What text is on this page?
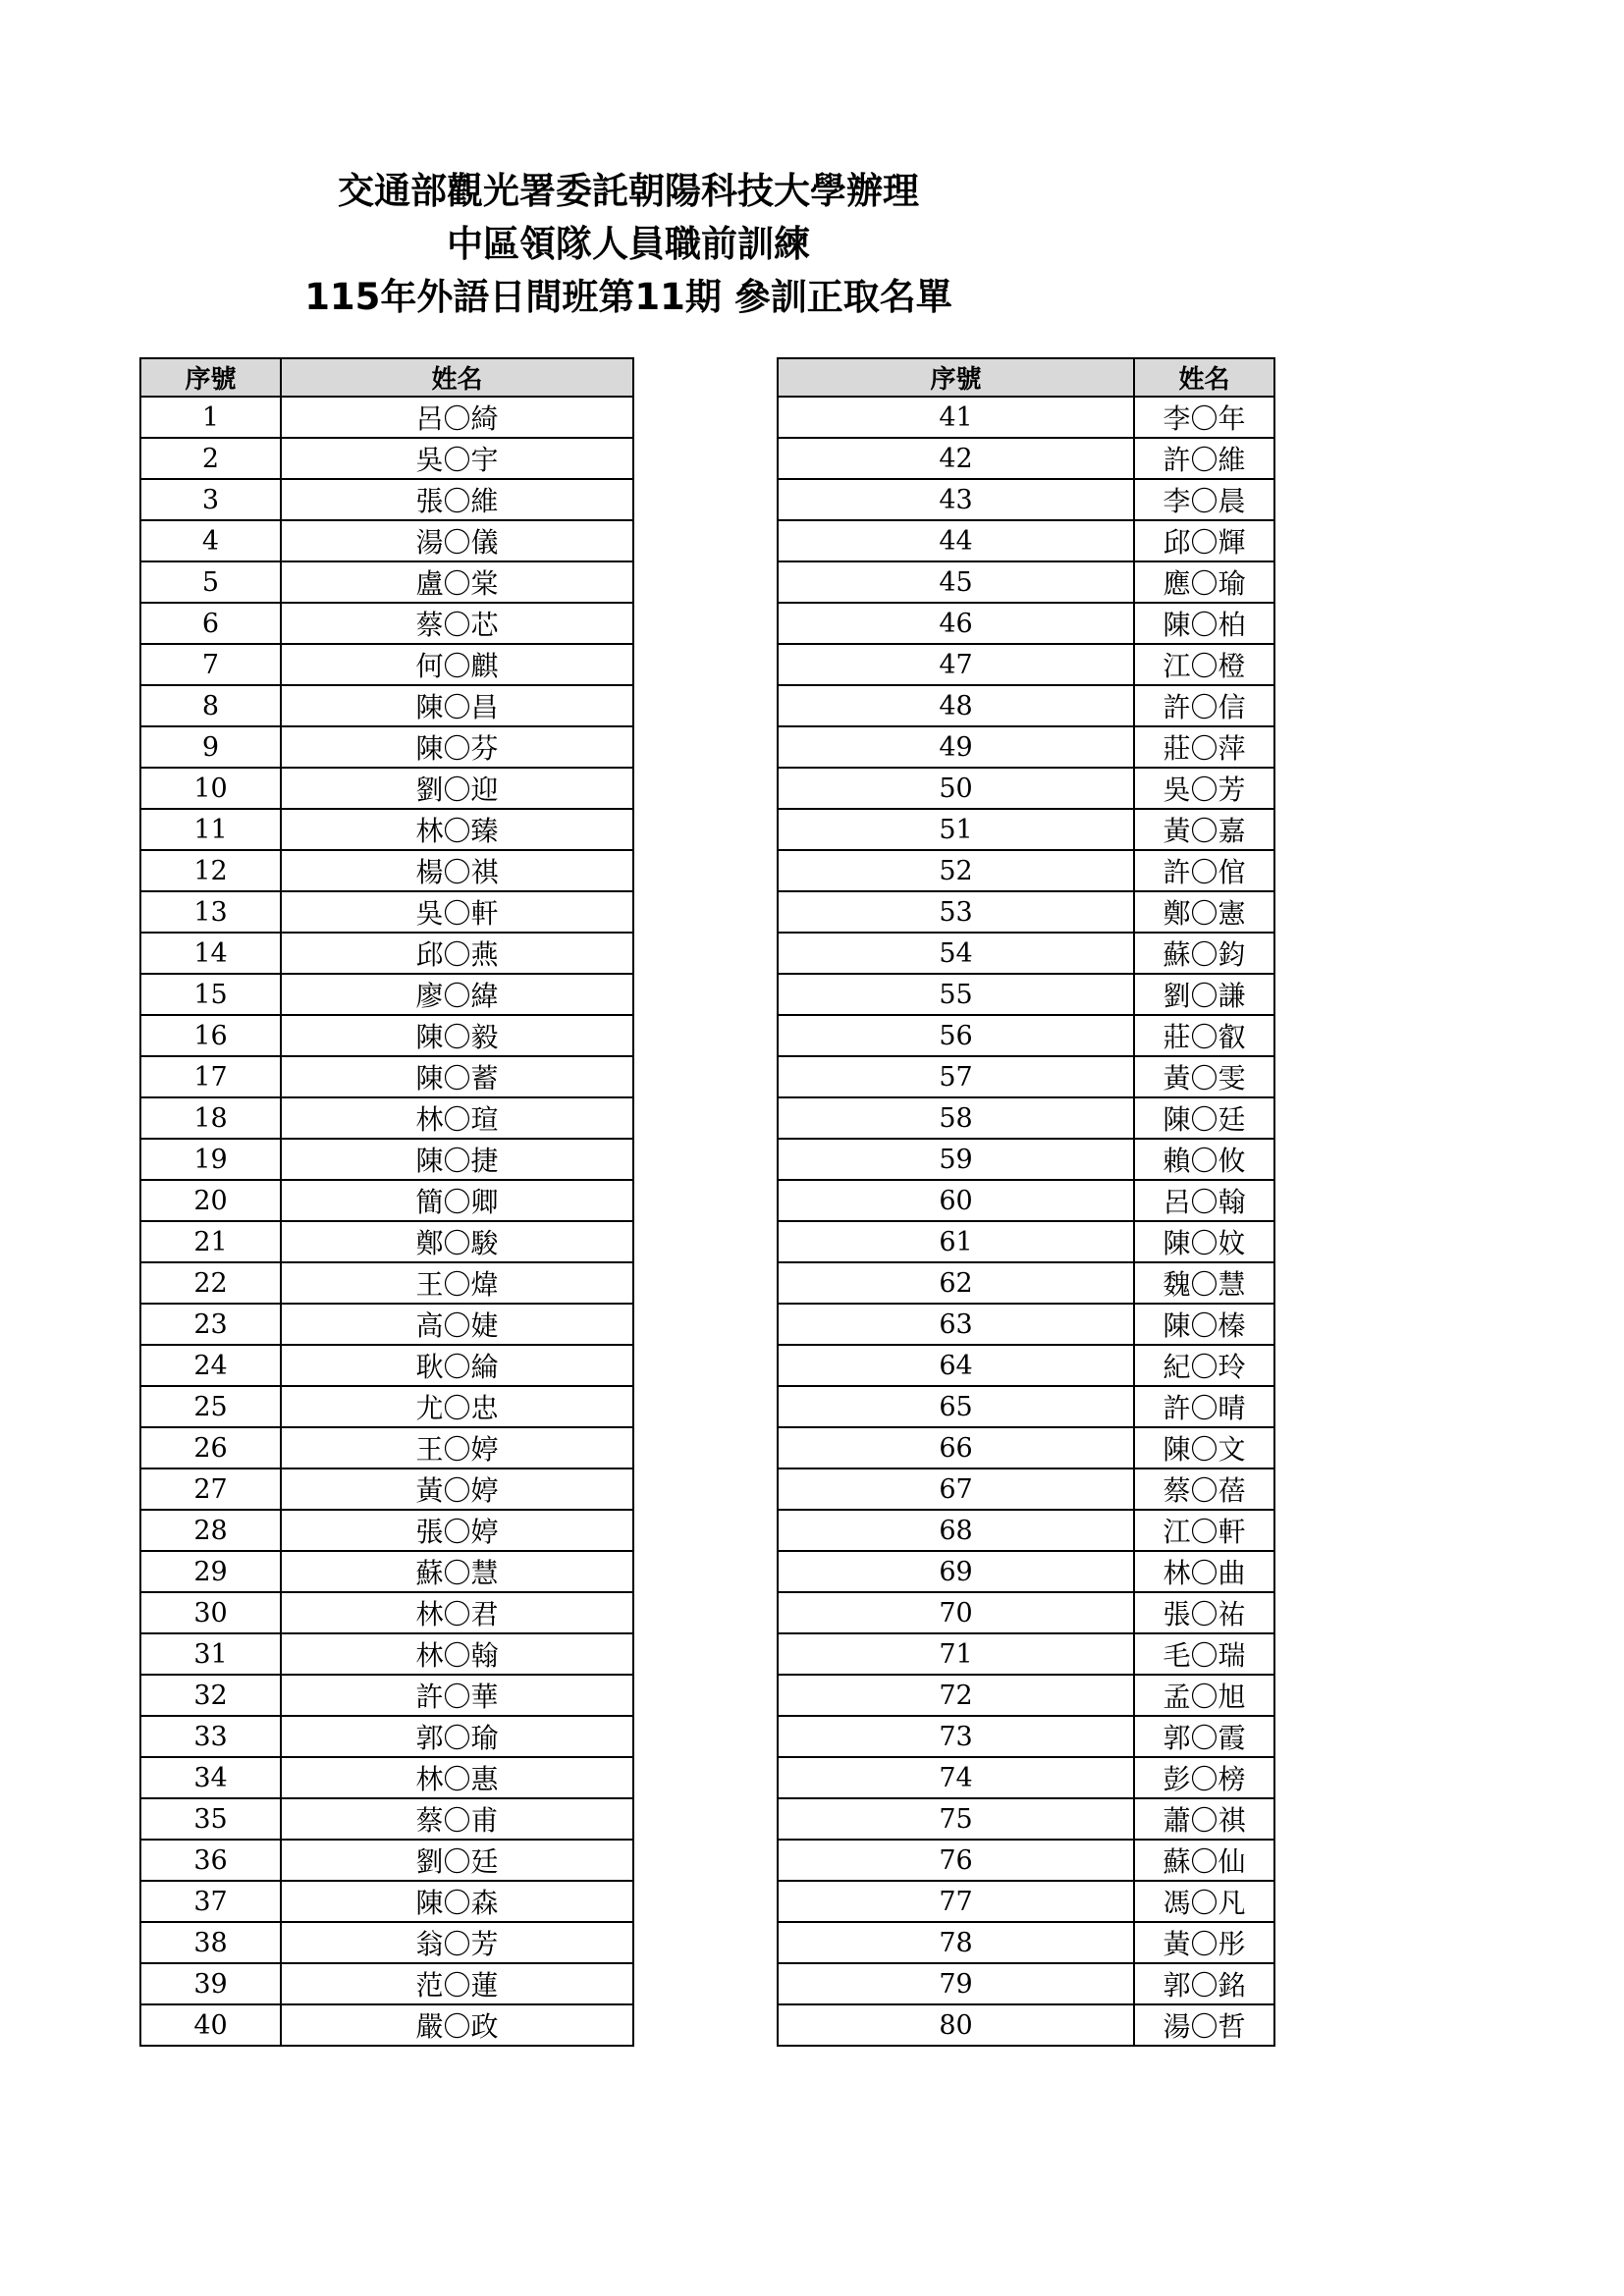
交通部觀光署委託朝陽科技大學辦理
中區領隊人員職前訓練
115年外語日間班第11期 參訓正取名單
序號	姓名
1	呂〇綺
2	吳〇宇
3	張〇維
4	湯〇儀
5	盧〇棠
6	蔡〇芯
7	何〇麒
8	陳〇昌
9	陳〇芬
10	劉〇迎
11	林〇臻
12	楊〇祺
13	吳〇軒
14	邱〇燕
15	廖〇緯
16	陳〇毅
17	陳〇蓄
18	林〇瑄
19	陳〇捷
20	簡〇卿
21	鄭〇駿
22	王〇煒
23	高〇婕
24	耿〇綸
25	尤〇忠
26	王〇婷
27	黃〇婷
28	張〇婷
29	蘇〇慧
30	林〇君
31	林〇翰
32	許〇華
33	郭〇瑜
34	林〇惠
35	蔡〇甫
36	劉〇廷
37	陳〇森
38	翁〇芳
39	范〇蓮
40	嚴〇政
序號	姓名
41	李〇年
42	許〇維
43	李〇晨
44	邱〇輝
45	應〇瑜
46	陳〇柏
47	江〇橙
48	許〇信
49	莊〇萍
50	吳〇芳
51	黃〇嘉
52	許〇倌
53	鄭〇憲
54	蘇〇鈞
55	劉〇謙
56	莊〇叡
57	黃〇雯
58	陳〇廷
59	賴〇攸
60	呂〇翰
61	陳〇妏
62	魏〇慧
63	陳〇榛
64	紀〇玲
65	許〇晴
66	陳〇文
67	蔡〇蓓
68	江〇軒
69	林〇曲
70	張〇祐
71	毛〇瑞
72	孟〇旭
73	郭〇霞
74	彭〇榜
75	蕭〇祺
76	蘇〇仙
77	馮〇凡
78	黃〇彤
79	郭〇銘
80	湯〇哲
